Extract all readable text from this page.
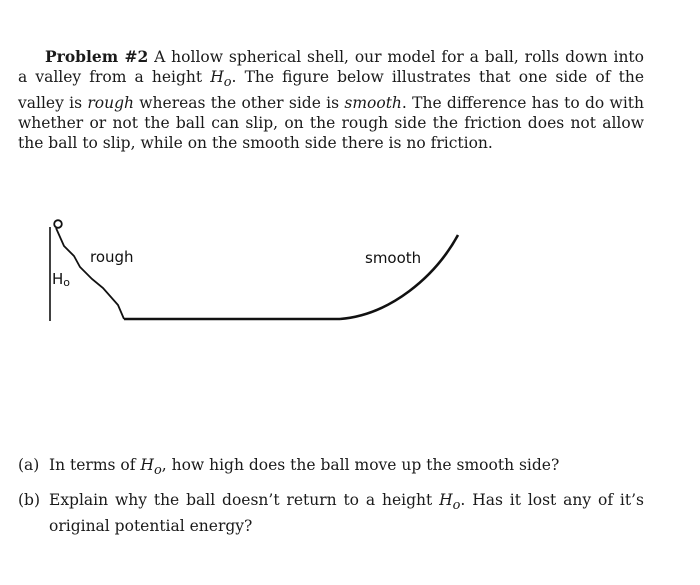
Problem #2 A hollow spherical shell, our model for a ball, rolls down into a valley from a height $H_o$. The figure below illustrates that one side of the valley is rough whereas the other side is smooth. The difference has to do with whether or not the ball can slip, on the rough side the friction does not allow the ball to slip, while on the smooth side there is no friction.

Ho
rough	smooth
(a) In terms of $H_o$, how high does the ball move up the smooth side?
(b) Explain why the ball doesn’t return to a height $H_o$. Has it lost any of it’s original potential energy?
